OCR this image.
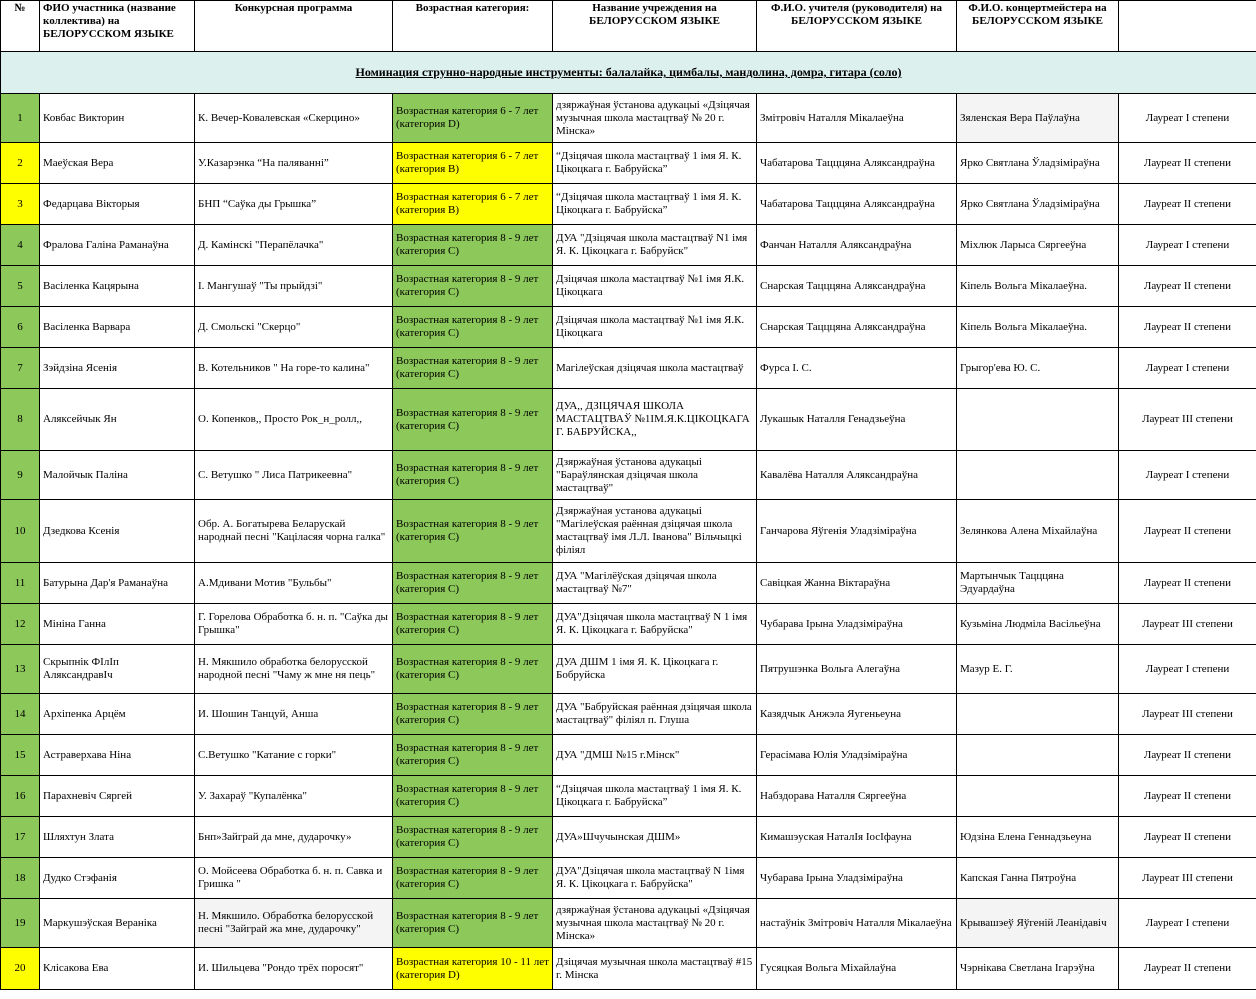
№	ФИО участника (название коллектива) на БЕЛОРУССКОМ ЯЗЫКЕ	Конкурсная программа	Возрастная категория:	Название учреждения на БЕЛОРУССКОМ ЯЗЫКЕ	Ф.И.О. учителя (руководителя) на БЕЛОРУССКОМ ЯЗЫКЕ	Ф.И.О. концертмейстера на БЕЛОРУССКОМ ЯЗЫКЕ	
Номинация струнно-народные инструменты: балалайка, цимбалы, мандолина, домра, гитара (соло)							
1	Ковбас Викторин	К. Вечер-Ковалевская «Скерцино»	Возрастная категория 6 - 7 лет (категория D)	дзяржаўная ўстанова адукацыі «Дзіцячая музычная школа мастацтваў № 20 г. Мінска»	Змітровіч Наталля Мікалаеўна	Зяленская Вера Паўлаўна	Лауреат I степени
2	Маеўская Вера	У.Казарэнка “На паляванні”	Возрастная категория 6 - 7 лет (категория В)	“Дзіцячая школа мастацтваў 1 імя Я. К. Цікоцкага г. Бабруйска”	Чабатарова Тацццяна Аляксандраўна	Ярко Святлана Ўладзіміраўна	Лауреат II степени
3	Федарцава Вікторыя	БНП “Саўка ды Грышка”	Возрастная категория 6 - 7 лет (категория В)	“Дзіцячая школа мастацтваў 1 імя Я. К. Цікоцкага г. Бабруйска”	Чабатарова Тацццяна Аляксандраўна	Ярко Святлана Ўладзіміраўна	Лауреат II степени
4	Фралова Галіна Раманаўна	Д. Камінскі "Перапёлачка"	Возрастная категория 8 - 9 лет (категория С)	ДУА "Дзіцячая школа мастацтваў N1 імя Я. К. Цікоцкага г. Бабруйск"	Фанчан Наталля Аляксандраўна	Міхлюк Ларыса Сяргееўна	Лауреат I степени
5	Васіленка Кацярына	І. Мангушаў "Ты прыйдзі"	Возрастная категория 8 - 9 лет (категория С)	Дзіцячая школа мастацтваў №1 імя Я.К. Цікоцкага	Снарская Тацццяна Аляксандраўна	Кіпель Вольга Мікалаеўна.	Лауреат II степени
6	Васіленка Варвара	Д. Смольскі "Скерцо"	Возрастная категория 8 - 9 лет (категория С)	Дзіцячая школа мастацтваў №1 імя Я.К. Цікоцкага	Снарская Тацццяна Аляксандраўна	Кіпель Вольга Мікалаеўна.	Лауреат II степени
7	Зэйдзіна Ясенія	В. Котельников " На горе-то калина"	Возрастная категория 8 - 9 лет (категория С)	Магілеўская дзіцячая школа мастацтваў	Фурса І. С.	Грыгор'ева Ю. С.	Лауреат I степени
8	Аляксейчык Ян	О. Копенков,, Просто Рок_н_ролл,,	Возрастная категория 8 - 9 лет (категория С)	ДУА,, ДЗІЦЯЧАЯ ШКОЛА МАСТАЦТВАЎ №1ІМ.Я.К.ЦІКОЦКАГА Г. БАБРУЙСКА,,	Лукашык Наталля Генадзьеўна		Лауреат III степени
9	Малойчык Паліна	С. Ветушко " Лиса Патрикеевна"	Возрастная категория 8 - 9 лет (категория С)	Дзяржаўная ўстанова адукацыі "Бараўлянская дзіцячая школа мастацтваў"	Кавалёва Наталля Аляксандраўна		Лауреат I степени
10	Дзедкова Ксенія	Обр. А. Богатырева Беларускай народнай песні "Каціласяя чорна галка"	Возрастная категория 8 - 9 лет (категория С)	Дзяржаўная установа адукацыі "Магілеўская раённая дзіцячая школа мастацтваў імя Л.Л. Іванова" Вільчыцкі філіял	Ганчарова Яўгенія Уладзіміраўна	Зелянкова Алена Міхайлаўна	Лауреат II степени
11	Батурына Дар'я Раманаўна	А.Мдивани Мотив "Бульбы"	Возрастная категория 8 - 9 лет (категория С)	ДУА "Магілёўская дзіцячая школа мастацтваў №7"	Савіцкая Жанна Віктараўна	Мартынчык Тацццяна Эдуардаўна	Лауреат II степени
12	Мініна Ганна	Г. Горелова Обработка б. н. п. "Саўка ды Грышка"	Возрастная категория 8 - 9 лет (категория С)	ДУА"Дзіцячая школа мастацтваў N 1 імя Я. К. Цікоцкага г. Бабруйска"	Чубарава Ірына Уладзіміраўна	Кузьміна Людміла Васільеўна	Лауреат III степени
13	Скрыпнік ФІлІп АляксандравІч	Н. Мякшило обработка белорусской народной песні "Чаму ж мне ня пець"	Возрастная категория 8 - 9 лет (категория С)	ДУА ДШМ 1 імя Я. К. Цікоцкага г. Бобруйска	Пятрушэнка Вольга Алегаўна	Мазур Е. Г.	Лауреат I степени
14	Архіпенка Арцём	И. Шошин Танцуй, Анша	Возрастная категория 8 - 9 лет (категория С)	ДУА "Бабруйская раённая дзіцячая школа мастацтваў" філіял п. Глуша	Казядчык Анжэла Яугеньеуна		Лауреат III степени
15	Астраверхава Ніна	С.Ветушко "Катание с горки"	Возрастная категория 8 - 9 лет (категория С)	ДУА "ДМШ №15 г.Мінск"	Герасімава Юлія Уладзіміраўна		Лауреат II степени
16	Парахневіч Сяргей	У. Захараў "Купалёнка"	Возрастная категория 8 - 9 лет (категория С)	“Дзіцячая школа мастацтваў 1 імя Я. К. Цікоцкага г. Бабруйска”	Набздорава Наталля Сяргееўна		Лауреат II степени
17	Шляхтун Злата	Бнп»Зайграй да мне, дударочку»	Возрастная категория 8 - 9 лет (категория С)	ДУА»Шчучынская ДШМ»	Кимашэуская НаталІя ІосІфауна	Юдзіна Елена Геннадзьеуна	Лауреат II степени
18	Дудко Стэфанія	О. Мойсеева Обработка б. н. п. Савка и Гришка "	Возрастная категория 8 - 9 лет (категория С)	ДУА"Дзіцячая школа мастацтваў N 1імя Я. К. Цікоцкага г. Бабруйска"	Чубарава Ірына Уладзіміраўна	Капская Ганна Пятроўна	Лауреат III степени
19	Маркушэўская Вераніка	Н. Мякшило. Обработка белорусской песні "Зайграй жа мне, дударочку"	Возрастная категория 8 - 9 лет (категория С)	дзяржаўная ўстанова адукацыі «Дзіцячая музычная школа мастацтваў № 20 г. Мінска»	настаўнік Змітровіч Наталля Мікалаеўна	Крывашэеў Яўгеній Леанідавіч	Лауреат I степени
20	Клісакова Ева	И. Шильцева "Рондо трёх поросят"	Возрастная категория 10 - 11 лет (категория D)	Дзіцячая музычная школа мастацтваў #15 г. Мінска	Гусяцкая Вольга Міхайлаўна	Чэрнікава Светлана Ігарэўна	Лауреат II степени
